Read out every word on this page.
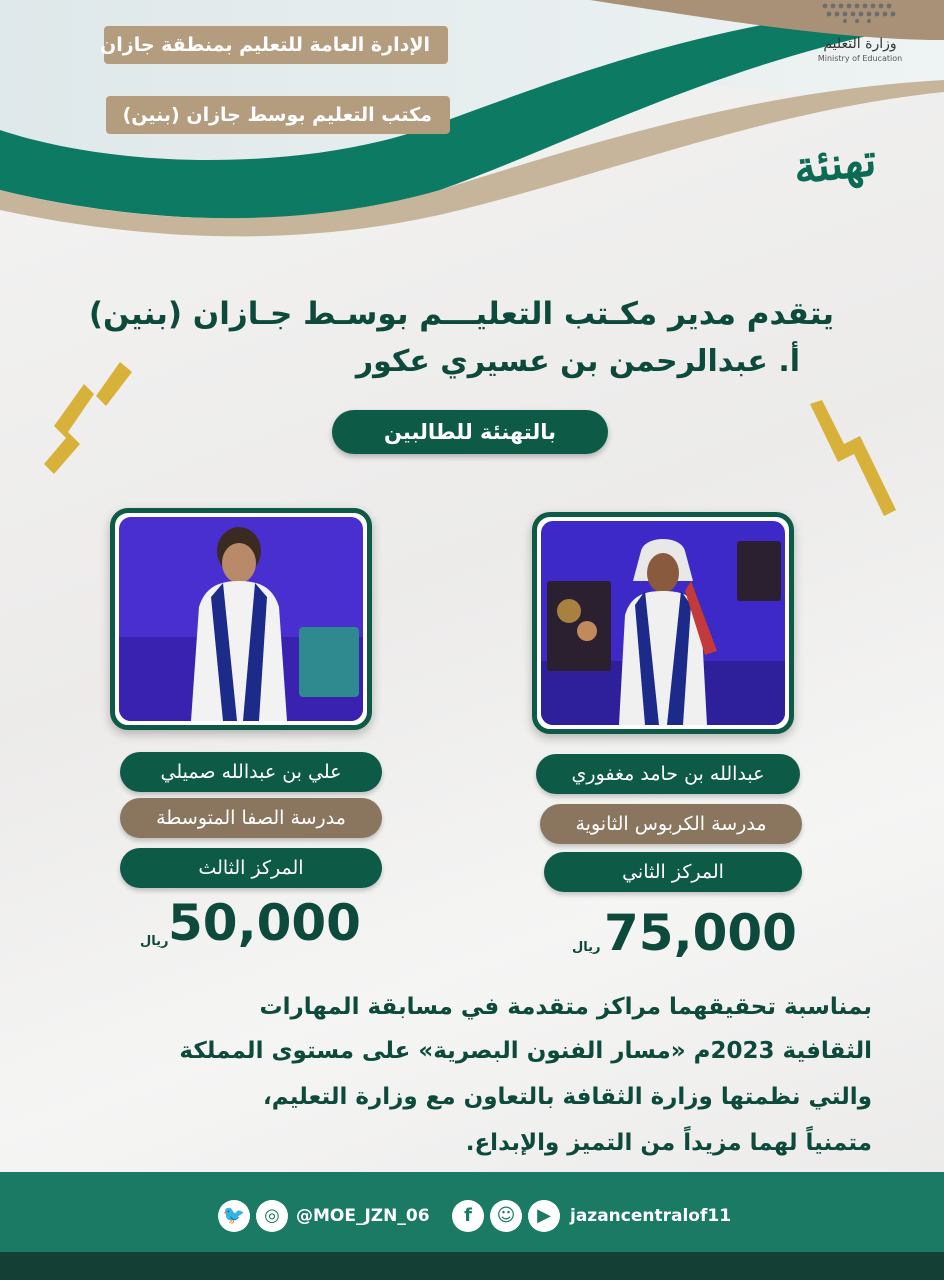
الإدارة العامة للتعليم بمنطقة جازان
مكتب التعليم بوسط جازان (بنين)
وزارة التعليم
Ministry of Education
تهنئة
يتقدم مدير مكـتب التعليـــم بوسـط جـازان (بنين)
أ. عبدالرحمن بن عسيري عكور
بالتهنئة للطالبين
علي بن عبدالله صميلي
مدرسة الصفا المتوسطة
المركز الثالث
عبدالله بن حامد مغفوري
مدرسة الكربوس الثانوية
المركز الثاني
50,000
ريال	75,000
ريال
بمناسبة تحقيقهما مراكز متقدمة في مسابقة المهارات
الثقافية 2023م «مسار الفنون البصرية» على مستوى المملكة
والتي نظمتها وزارة الثقافة بالتعاون مع وزارة التعليم،
متمنياً لهما مزيداً من التميز والإبداع.
🐦	◎ @MOE_JZN_06	f	☺	▶	jazancentralof11
